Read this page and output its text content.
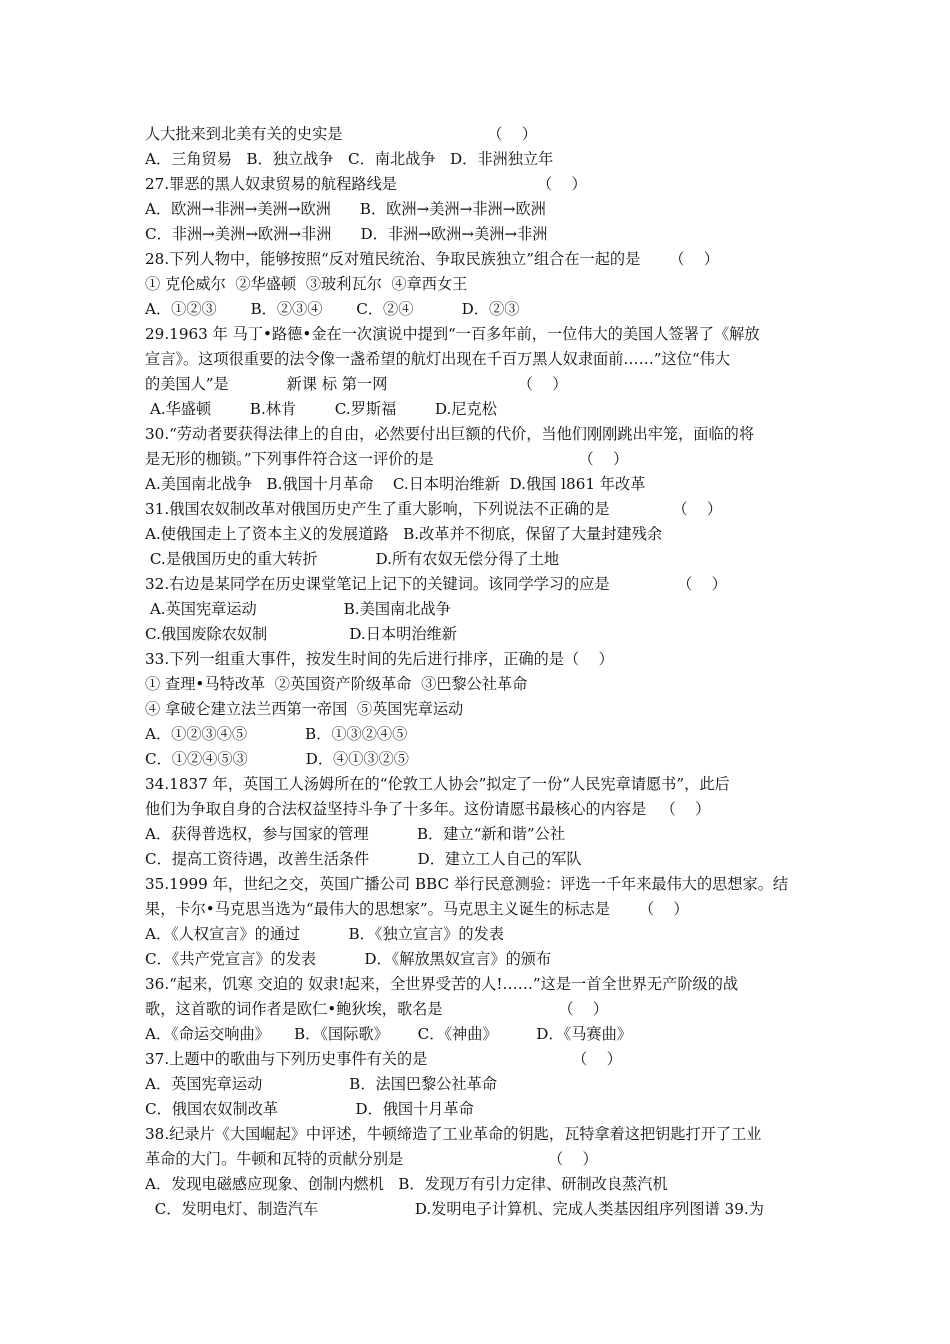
人大批来到北美有关的史实是                              （    ）
A．三角贸易   B．独立战争   C．南北战争   D．非洲独立年
27.罪恶的黑人奴隶贸易的航程路线是                             （    ）
A．欧洲→非洲→美洲→欧洲      B．欧洲→美洲→非洲→欧洲
C．非洲→美洲→欧洲→非洲      D．非洲→欧洲→美洲→非洲
28.下列人物中，能够按照“反对殖民统治、争取民族独立”组合在一起的是      （    ）
① 克伦威尔  ②华盛顿  ③玻利瓦尔  ④章西女王
A．①②③       B．②③④       C．②④          D．②③
29.1963 年 马丁•路德•金在一次演说中提到“一百多年前，一位伟大的美国人签署了《解放
宣言》。这项很重要的法令像一盏希望的航灯出现在千百万黑人奴隶面前……”这位“伟大
的美国人”是            新课 标 第一网                           （    ）
A.华盛顿        B.林肯        C.罗斯福        D.尼克松
30.“劳动者要获得法律上的自由，必然要付出巨额的代价，当他们刚刚跳出牢笼，面临的将
是无形的枷锁。”下列事件符合这一评价的是                              （    ）
A.美国南北战争   B.俄国十月革命    C.日本明治维新  D.俄国 l861 年改革
31.俄国农奴制改革对俄国历史产生了重大影响，下列说法不正确的是             （    ）
A.使俄国走上了资本主义的发展道路   B.改革并不彻底，保留了大量封建残余
C.是俄国历史的重大转折            D.所有农奴无偿分得了土地
32.右边是某同学在历史课堂笔记上记下的关键词。该同学学习的应是              （    ）
A.英国宪章运动                  B.美国南北战争
C.俄国废除农奴制                 D.日本明治维新
33.下列一组重大事件，按发生时间的先后进行排序，正确的是（    ）
① 查理•马特改革  ②英国资产阶级革命  ③巴黎公社革命
④ 拿破仑建立法兰西第一帝国  ⑤英国宪章运动
A．①②③④⑤            B．①③②④⑤
C．①②④⑤③            D．④①③②⑤
34.1837 年，英国工人汤姆所在的“伦敦工人协会”拟定了一份“人民宪章请愿书”，此后
他们为争取自身的合法权益坚持斗争了十多年。这份请愿书最核心的内容是   （    ）
A．获得普选权，参与国家的管理          B．建立“新和谐”公社
C．提高工资待遇，改善生活条件          D．建立工人自己的军队
35.1999 年，世纪之交，英国广播公司 BBC 举行民意测验：评选一千年来最伟大的思想家。结
果，卡尔•马克思当选为“最伟大的思想家”。马克思主义诞生的标志是      （    ）
A．《人权宣言》的通过          B．《独立宣言》的发表
C．《共产党宣言》的发表          D．《解放黑奴宣言》的颁布
36.“起来，饥寒 交迫的 奴隶!起来，全世界受苦的人!……”这是一首全世界无产阶级的战
歌，这首歌的词作者是欧仁•鲍狄埃，歌名是                        （    ）
A．《命运交响曲》     B．《国际歌》      C．《神曲》        D．《马赛曲》
37.上题中的歌曲与下列历史事件有关的是                              （    ）
A．英国宪章运动                  B．法国巴黎公社革命
C．俄国农奴制改革                D．俄国十月革命
38.纪录片《大国崛起》中评述，牛顿缔造了工业革命的钥匙，瓦特拿着这把钥匙打开了工业
革命的大门。牛顿和瓦特的贡献分别是                              （    ）
A．发现电磁感应现象、创制内燃机   B．发现万有引力定律、研制改良蒸汽机
C．发明电灯、制造汽车                    D.发明电子计算机、完成人类基因组序列图谱 39.为
